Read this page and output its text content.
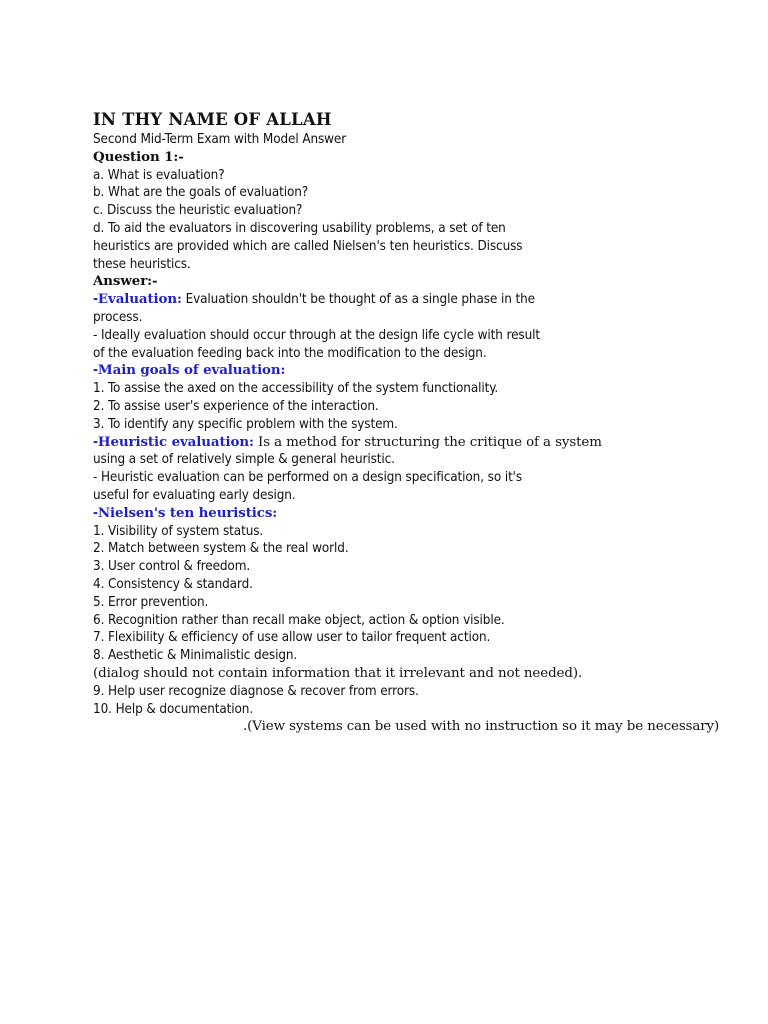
IN THY NAME OF ALLAH
Second Mid-Term Exam with Model Answer
Question 1:-
a. What is evaluation?
b. What are the goals of evaluation?
c. Discuss the heuristic evaluation?
d. To aid the evaluators in discovering usability problems, a set of ten
heuristics are provided which are called Nielsen's ten heuristics. Discuss
these heuristics.
Answer:-
-Evaluation: Evaluation shouldn't be thought of as a single phase in the
process.
- Ideally evaluation should occur through at the design life cycle with result
of the evaluation feeding back into the modification to the design.
-Main goals of evaluation:
1. To assise the axed on the accessibility of the system functionality.
2. To assise user's experience of the interaction.
3. To identify any specific problem with the system.
-Heuristic evaluation: Is a method for structuring the critique of a system
using a set of relatively simple & general heuristic.
- Heuristic evaluation can be performed on a design specification, so it's
useful for evaluating early design.
-Nielsen's ten heuristics:
1. Visibility of system status.
2. Match between system & the real world.
3. User control & freedom.
4. Consistency & standard.
5. Error prevention.
6. Recognition rather than recall make object, action & option visible.
7. Flexibility & efficiency of use allow user to tailor frequent action.
8. Aesthetic & Minimalistic design.
(dialog should not contain information that it irrelevant and not needed).
9. Help user recognize diagnose & recover from errors.
10. Help & documentation.
.(View systems can be used with no instruction so it may be necessary)
